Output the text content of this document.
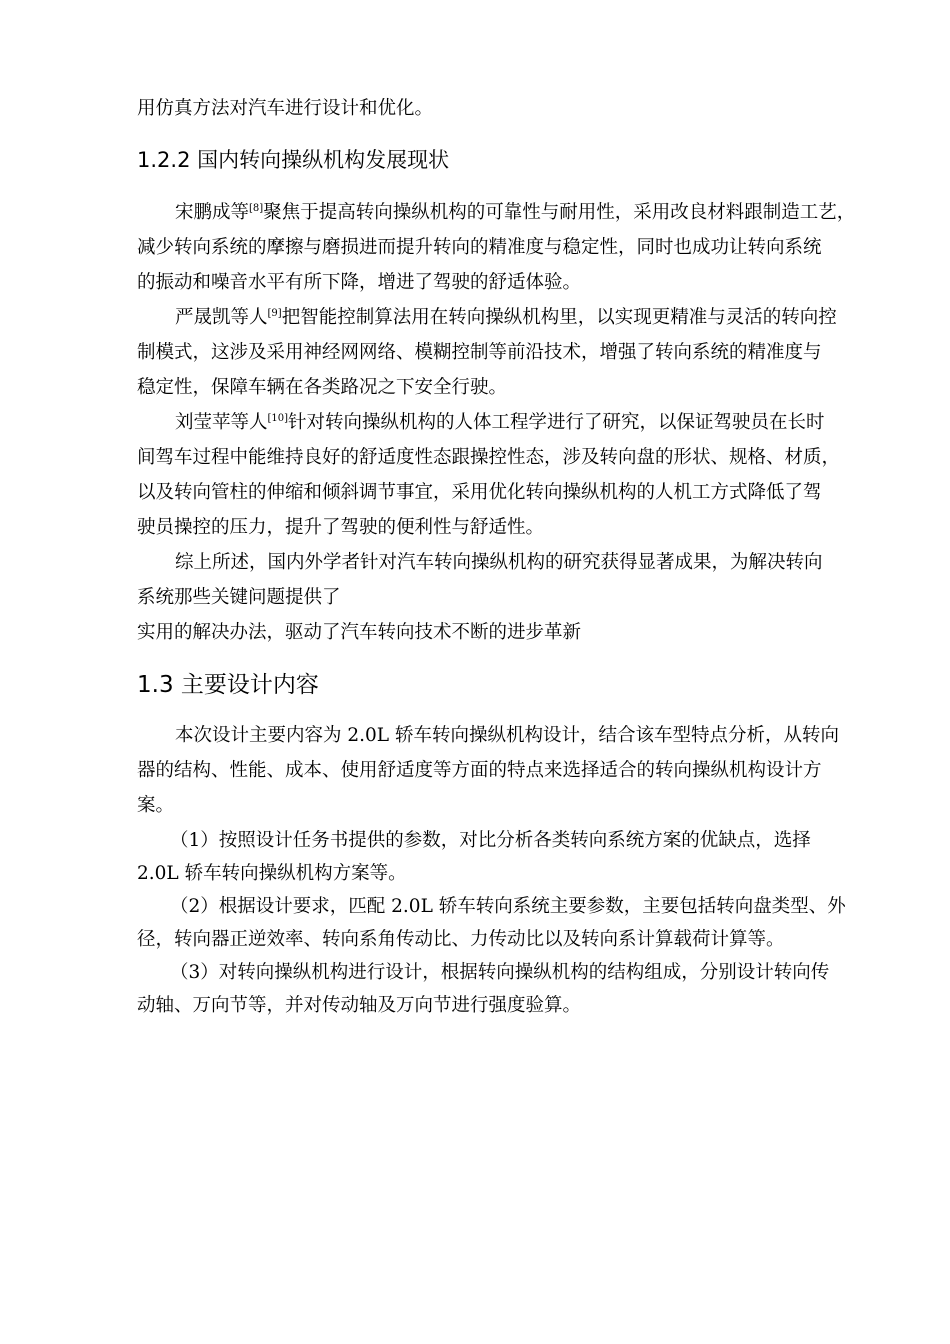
用仿真方法对汽车进行设计和优化。

1.2.2 国内转向操纵机构发展现状

宋鹏成等[8]聚焦于提高转向操纵机构的可靠性与耐用性，采用改良材料跟制造工艺，

减少转向系统的摩擦与磨损进而提升转向的精准度与稳定性，同时也成功让转向系统

的振动和噪音水平有所下降，增进了驾驶的舒适体验。

严晟凯等人[9]把智能控制算法用在转向操纵机构里，以实现更精准与灵活的转向控

制模式，这涉及采用神经网网络、模糊控制等前沿技术，增强了转向系统的精准度与

稳定性，保障车辆在各类路况之下安全行驶。

刘莹苹等人[10]针对转向操纵机构的人体工程学进行了研究，以保证驾驶员在长时

间驾车过程中能维持良好的舒适度性态跟操控性态，涉及转向盘的形状、规格、材质，

以及转向管柱的伸缩和倾斜调节事宜，采用优化转向操纵机构的人机工方式降低了驾

驶员操控的压力，提升了驾驶的便利性与舒适性。

综上所述，国内外学者针对汽车转向操纵机构的研究获得显著成果，为解决转向

系统那些关键问题提供了

实用的解决办法，驱动了汽车转向技术不断的进步革新

1.3 主要设计内容

本次设计主要内容为 2.0L 轿车转向操纵机构设计，结合该车型特点分析，从转向

器的结构、性能、成本、使用舒适度等方面的特点来选择适合的转向操纵机构设计方

案。

（1）按照设计任务书提供的参数，对比分析各类转向系统方案的优缺点，选择

2.0L 轿车转向操纵机构方案等。

（2）根据设计要求，匹配 2.0L 轿车转向系统主要参数，主要包括转向盘类型、外

径，转向器正逆效率、转向系角传动比、力传动比以及转向系计算载荷计算等。

（3）对转向操纵机构进行设计，根据转向操纵机构的结构组成，分别设计转向传

动轴、万向节等，并对传动轴及万向节进行强度验算。
